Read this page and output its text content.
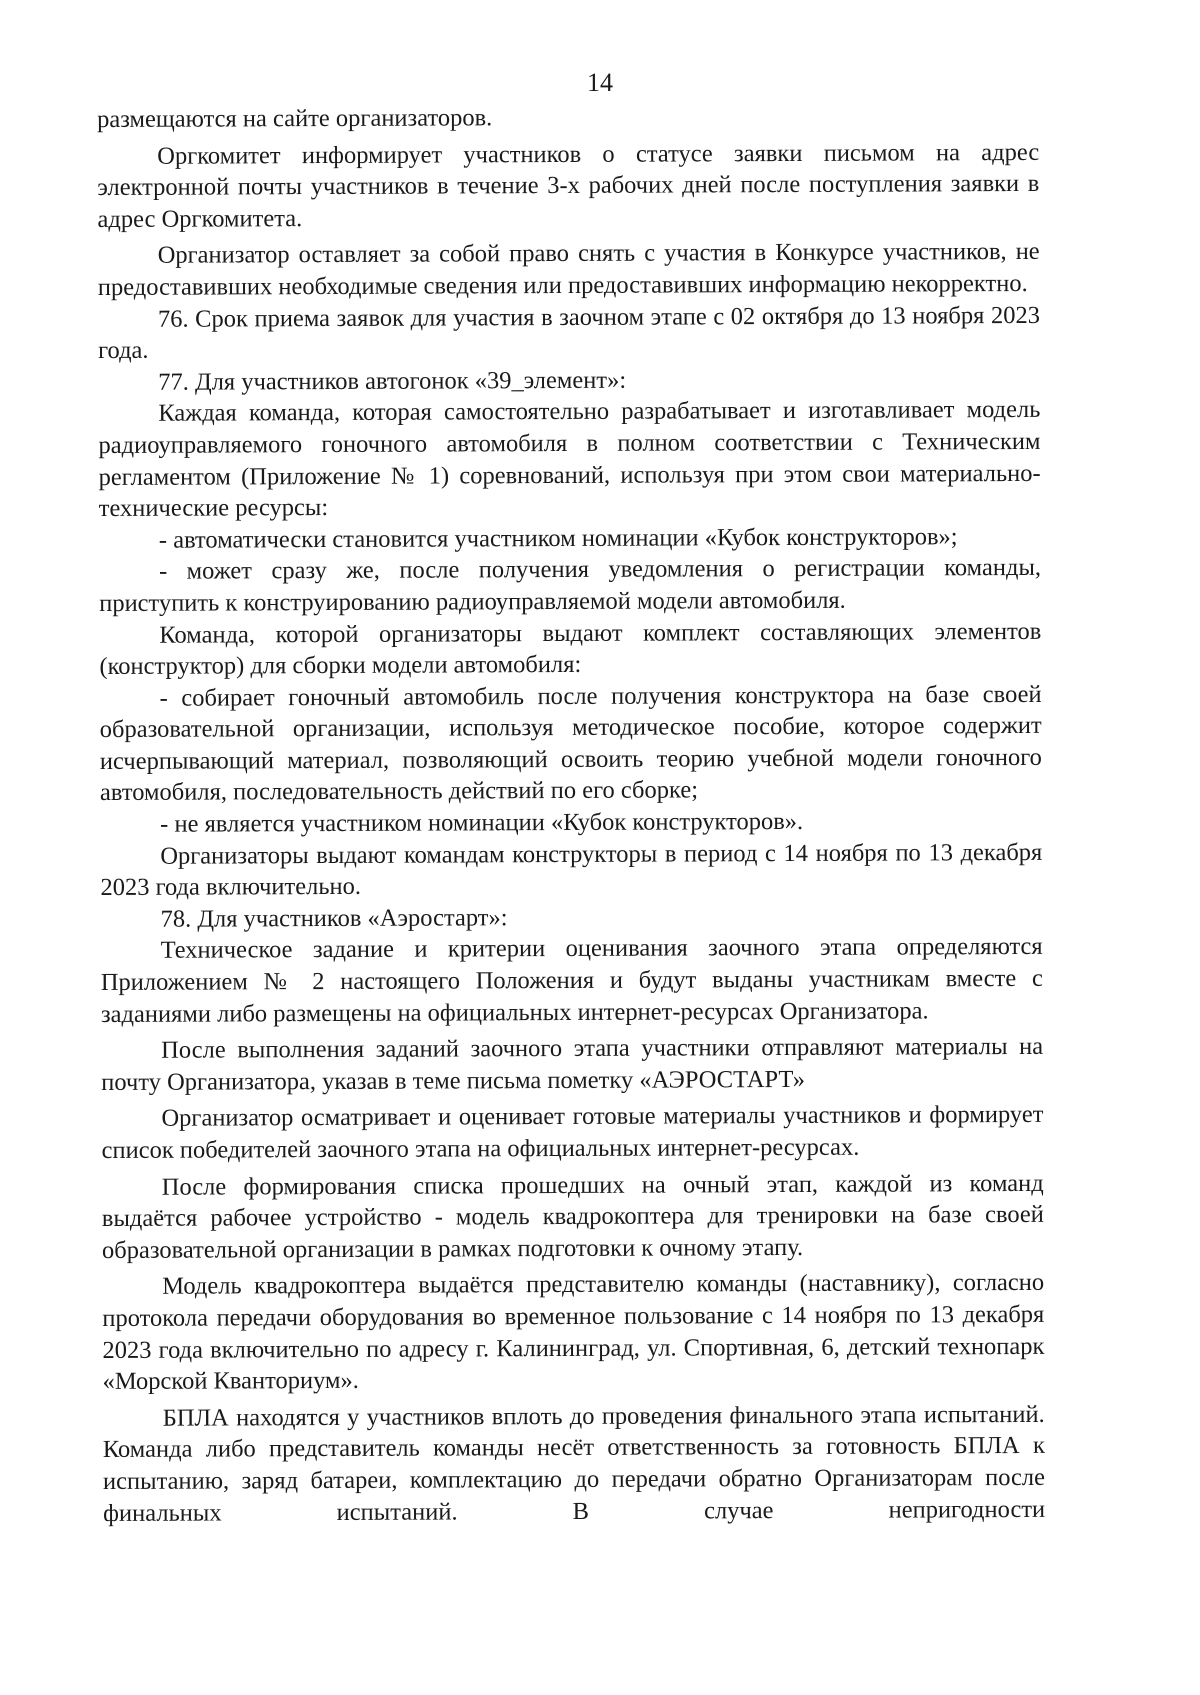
14

размещаются на сайте организаторов.

Оргкомитет информирует участников о статусе заявки письмом на адрес электронной почты участников в течение 3-х рабочих дней после поступления заявки в адрес Оргкомитета.

Организатор оставляет за собой право снять с участия в Конкурсе участников, не предоставивших необходимые сведения или предоставивших информацию некорректно.

76. Срок приема заявок для участия в заочном этапе с 02 октября до 13 ноября 2023 года.

77. Для участников автогонок «39_элемент»:

Каждая команда, которая самостоятельно разрабатывает и изготавливает модель радиоуправляемого гоночного автомобиля в полном соответствии с Техническим регламентом (Приложение № 1) соревнований, используя при этом свои материально-технические ресурсы:

- автоматически становится участником номинации «Кубок конструкторов»;

- может сразу же, после получения уведомления о регистрации команды, приступить к конструированию радиоуправляемой модели автомобиля.

Команда, которой организаторы выдают комплект составляющих элементов (конструктор) для сборки модели автомобиля:

- собирает гоночный автомобиль после получения конструктора на базе своей образовательной организации, используя методическое пособие, которое содержит исчерпывающий материал, позволяющий освоить теорию учебной модели гоночного автомобиля, последовательность действий по его сборке;

- не является участником номинации «Кубок конструкторов».

Организаторы выдают командам конструкторы в период с 14 ноября по 13 декабря 2023 года включительно.

78. Для участников «Аэростарт»:

Техническое задание и критерии оценивания заочного этапа определяются Приложением № 2 настоящего Положения и будут выданы участникам вместе с заданиями либо размещены на официальных интернет-ресурсах Организатора.

После выполнения заданий заочного этапа участники отправляют материалы на почту Организатора, указав в теме письма пометку «АЭРОСТАРТ»

Организатор осматривает и оценивает готовые материалы участников и формирует список победителей заочного этапа на официальных интернет-ресурсах.

После формирования списка прошедших на очный этап, каждой из команд выдаётся рабочее устройство - модель квадрокоптера для тренировки на базе своей образовательной организации в рамках подготовки к очному этапу.

Модель квадрокоптера выдаётся представителю команды (наставнику), согласно протокола передачи оборудования во временное пользование с 14 ноября по 13 декабря 2023 года включительно по адресу г. Калининград, ул. Спортивная, 6, детский технопарк «Морской Кванториум».

БПЛА находятся у участников вплоть до проведения финального этапа испытаний. Команда либо представитель команды несёт ответственность за готовность БПЛА к испытанию, заряд батареи, комплектацию до передачи обратно Организаторам после финальных испытаний. В случае непригодности
